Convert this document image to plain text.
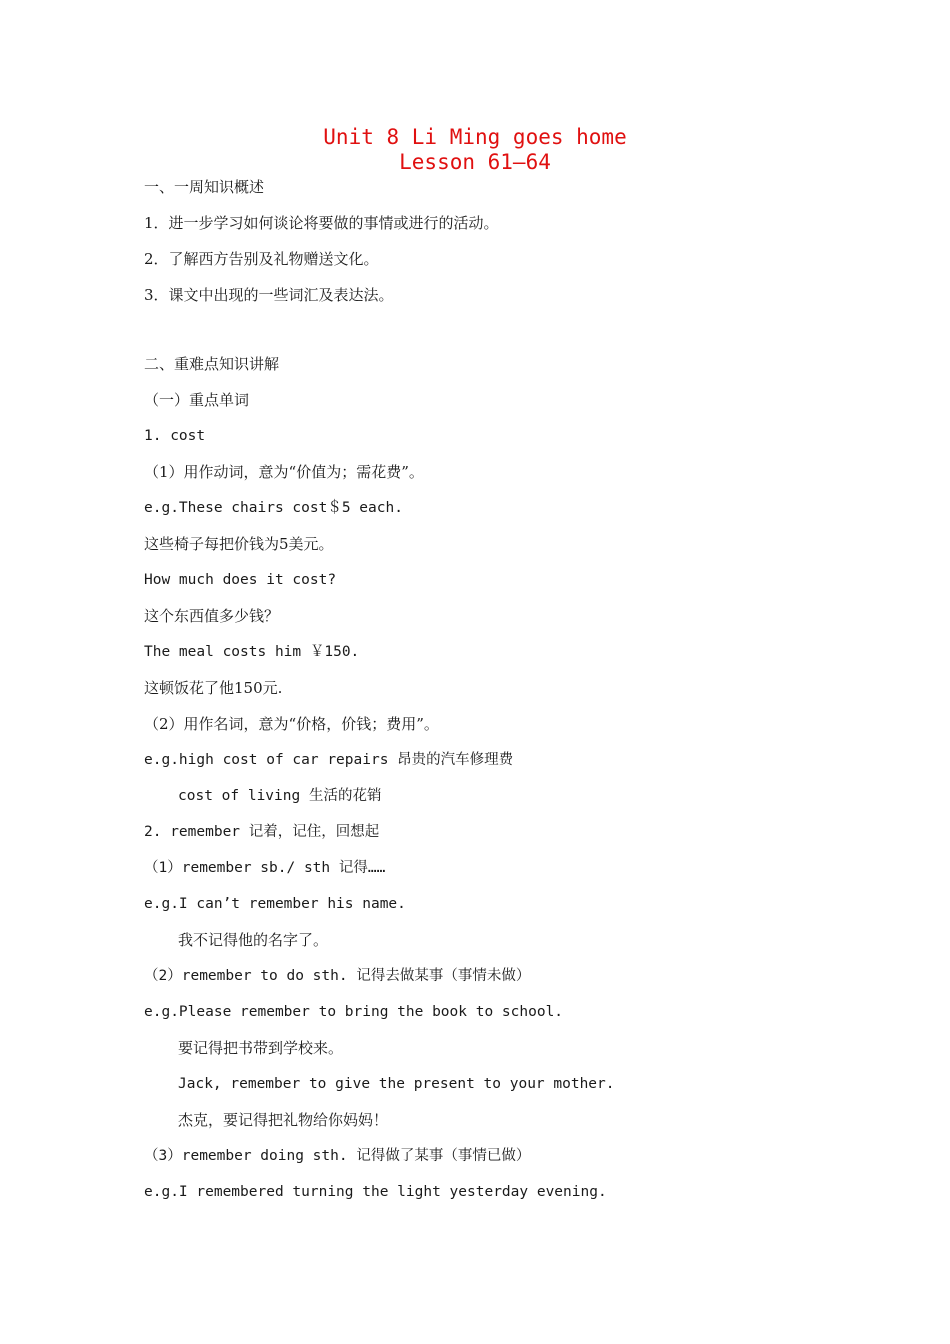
Unit 8 Li Ming goes home
Lesson 61—64
一、一周知识概述
1．进一步学习如何谈论将要做的事情或进行的活动。
2．了解西方告别及礼物赠送文化。
3．课文中出现的一些词汇及表达法。
二、重难点知识讲解
（一）重点单词
1. cost
（1）用作动词，意为“价值为；需花费”。
e.g.These chairs cost＄5 each.
这些椅子每把价钱为5美元。
How much does it cost?
这个东西值多少钱？
The meal costs him ￥150.
这顿饭花了他150元.
（2）用作名词，意为“价格，价钱；费用”。
e.g.high cost of car repairs 昂贵的汽车修理费
cost of living 生活的花销
2. remember 记着，记住，回想起
（1）remember sb./ sth 记得……
e.g.I can’t remember his name.
我不记得他的名字了。
（2）remember to do sth. 记得去做某事（事情未做）
e.g.Please remember to bring the book to school.
要记得把书带到学校来。
Jack, remember to give the present to your mother.
杰克，要记得把礼物给你妈妈！
（3）remember doing sth. 记得做了某事（事情已做）
e.g.I remembered turning the light yesterday evening.
